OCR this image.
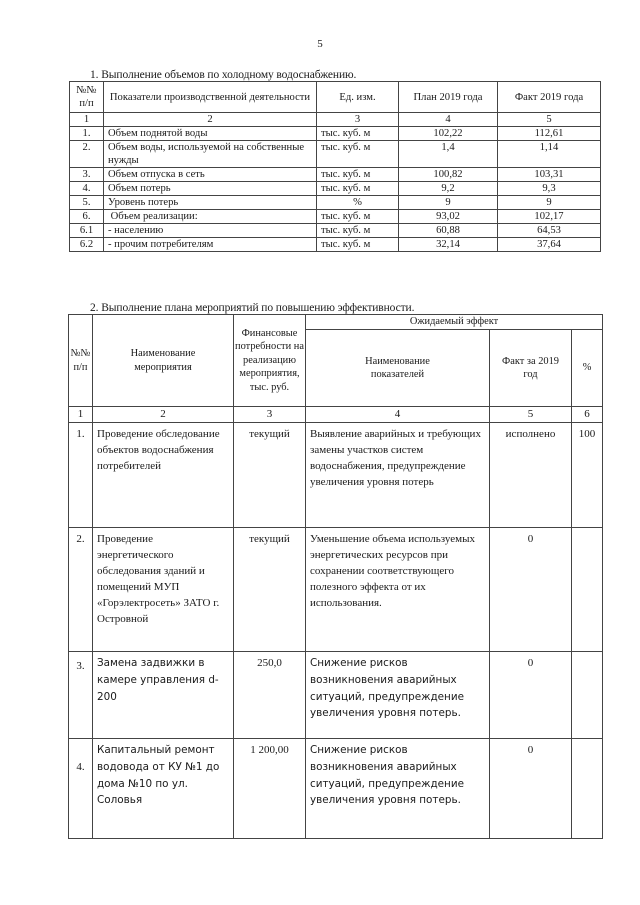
5
1. Выполнение объемов по холодному водоснабжению.
№№ п/п	Показатели производственной деятельности	Ед. изм.	План 2019 года	Факт 2019 года
1	2	3	4	5
1.	Объем поднятой воды	тыс. куб. м	102,22	112,61
2.	Объем воды, используемой на собственные нужды	тыс. куб. м	1,4	1,14
3.	Объем отпуска в сеть	тыс. куб. м	100,82	103,31
4.	Объем потерь	тыс. куб. м	9,2	9,3
5.	Уровень потерь	%	9	9
6.	Объем реализации:	тыс. куб. м	93,02	102,17
6.1	- населению	тыс. куб. м	60,88	64,53
6.2	- прочим потребителям	тыс. куб. м	32,14	37,64
2. Выполнение плана мероприятий по повышению эффективности.
№№ п/п	Наименование мероприятия	Финансовые потребности на реализацию мероприятия, тыс. руб.	Ожидаемый эффект		
			Наименование показателей	Факт за 2019 год	%
1	2	3	4	5	6
1.	Проведение обследование объектов водоснабжения потребителей	текущий	Выявление аварийных и требующих замены участков систем водоснабжения, предупреждение увеличения уровня потерь	исполнено	100
2.	Проведение энергетического обследования зданий и помещений МУП «Горэлектросеть» ЗАТО г. Островной	текущий	Уменьшение объема используемых энергетических ресурсов при сохранении соответствующего полезного эффекта от их использования.	0	
3.	Замена задвижки в камере управления d-200	250,0	Снижение рисков возникновения аварийных ситуаций, предупреждение увеличения уровня потерь.	0	
4.	Капитальный ремонт водовода от КУ №1 до дома №10 по ул. Соловья	1 200,00	Снижение рисков возникновения аварийных ситуаций, предупреждение увеличения уровня потерь.	0	
